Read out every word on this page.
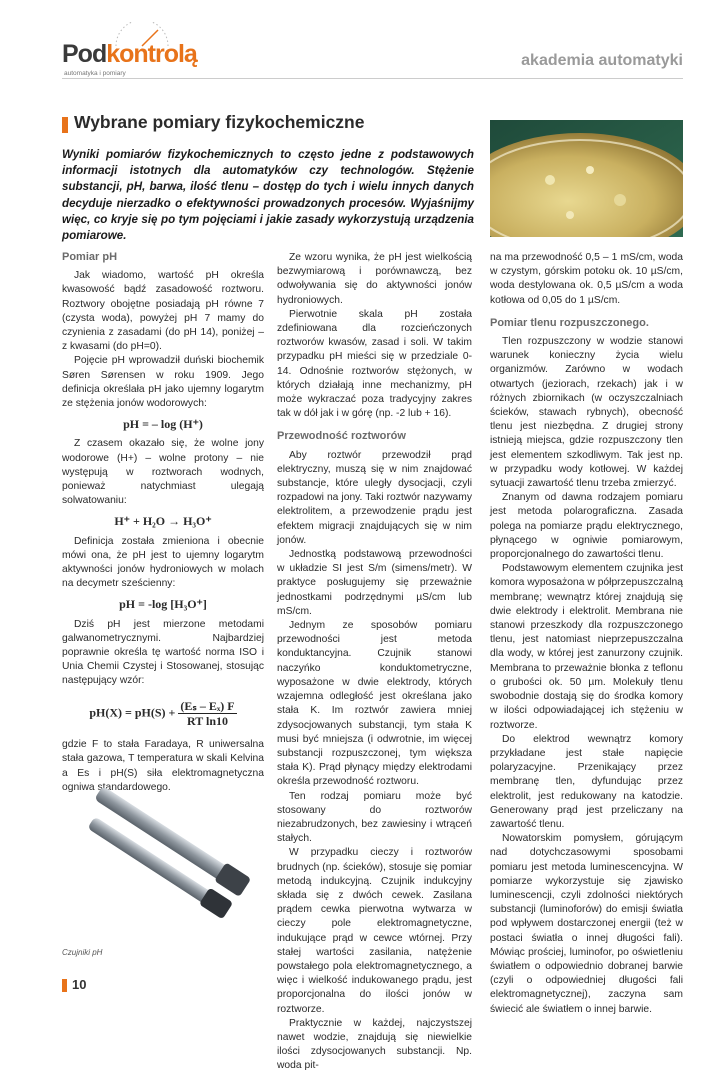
Podkontrolą
automatyka i pomiary
akademia automatyki
Wybrane pomiary fizykochemiczne
Wyniki pomiarów fizykochemicznych to często jedne z podstawowych informacji istotnych dla automatyków czy technologów. Stężenie substancji, pH, barwa, ilość tlenu – dostęp do tych i wielu innych danych decyduje nierzadko o efektywności prowadzonych procesów. Wyjaśnijmy więc, co kryje się po tym pojęciami i jakie zasady wykorzystują urządzenia pomiarowe.
Pomiar pH

Jak wiadomo, wartość pH określa kwasowość bądź zasadowość roztworu. Roztwory obojętne posiadają pH równe 7 (czysta woda), powyżej pH 7 mamy do czynienia z zasadami (do pH 14), poniżej – z kwasami (do pH=0).

Pojęcie pH wprowadził duński biochemik Søren Sørensen w roku 1909. Jego definicja określała pH jako ujemny logarytm ze stężenia jonów wodorowych:

pH = – log (H⁺)

Z czasem okazało się, że wolne jony wodorowe (H+) – wolne protony – nie występują w roztworach wodnych, ponieważ natychmiast ulegają solwatowaniu:

H⁺ + H₂O → H₃O⁺

Definicja została zmieniona i obecnie mówi ona, że pH jest to ujemny logarytm aktywności jonów hydroniowych w molach na decymetr sześcienny:

pH = -log [H₃O⁺]

Dziś pH jest mierzone metodami galwanometrycznymi. Najbardziej poprawnie określa tę wartość norma ISO i Unia Chemii Czystej i Stosowanej, stosując następujący wzór:

$pH(X) = pH(S) + \frac{\text{(Eₛ – Eₓ) F}}{\text{RT ln10}}$

gdzie F to stała Faradaya, R uniwersalna stała gazowa, T temperatura w skali Kelvina a Es i pH(S) siła elektromagnetyczna ogniwa standardowego.

Czujniki pH

Ze wzoru wynika, że pH jest wielkością bezwymiarową i porównawczą, bez odwoływania się do aktywności jonów hydroniowych.

Pierwotnie skala pH została zdefiniowana dla rozcieńczonych roztworów kwasów, zasad i soli. W takim przypadku pH mieści się w przedziale 0-14. Odnośnie roztworów stężonych, w których działają inne mechanizmy, pH może wykraczać poza tradycyjny zakres tak w dół jak i w górę (np. -2 lub + 16).

Przewodność roztworów

Aby roztwór przewodził prąd elektryczny, muszą się w nim znajdować substancje, które uległy dysocjacji, czyli rozpadowi na jony. Taki roztwór nazywamy elektrolitem, a przewodzenie prądu jest efektem migracji znajdujących się w nim jonów.

Jednostką podstawową przewodności w układzie SI jest S/m (simens/metr). W praktyce posługujemy się przeważnie jednostkami podrzędnymi µS/cm lub mS/cm.

Jednym ze sposobów pomiaru przewodności jest metoda konduktancyjna. Czujnik stanowi naczyńko konduktometryczne, wyposażone w dwie elektrody, których wzajemna odległość jest określana jako stała K. Im roztwór zawiera mniej zdysocjowanych substancji, tym stała K musi być mniejsza (i odwrotnie, im więcej substancji rozpuszczonej, tym większa stała K). Prąd płynący między elektrodami określa przewodność roztworu.

Ten rodzaj pomiaru może być stosowany do roztworów niezabrudzonych, bez zawiesiny i wtrąceń stałych.

W przypadku cieczy i roztworów brudnych (np. ścieków), stosuje się pomiar metodą indukcyjną. Czujnik indukcyjny składa się z dwóch cewek. Zasilana prądem cewka pierwotna wytwarza w cieczy pole elektromagnetyczne, indukujące prąd w cewce wtórnej. Przy stałej wartości zasilania, natężenie powstałego pola elektromagnetycznego, a więc i wielkość indukowanego prądu, jest proporcjonalna do ilości jonów w roztworze.

Praktycznie w każdej, najczystszej nawet wodzie, znajdują się niewielkie ilości zdysocjowanych substancji. Np. woda pit-

na ma przewodność 0,5 – 1 mS/cm, woda w czystym, górskim potoku ok. 10 µS/cm, woda destylowana ok. 0,5 µS/cm a woda kotłowa od 0,05 do 1 µS/cm.

Pomiar tlenu rozpuszczonego.

Tlen rozpuszczony w wodzie stanowi warunek konieczny życia wielu organizmów. Zarówno w wodach otwartych (jeziorach, rzekach) jak i w różnych zbiornikach (w oczyszczalniach ścieków, stawach rybnych), obecność tlenu jest niezbędna. Z drugiej strony istnieją miejsca, gdzie rozpuszczony tlen jest elementem szkodliwym. Tak jest np. w przypadku wody kotłowej. W każdej sytuacji zawartość tlenu trzeba zmierzyć.

Znanym od dawna rodzajem pomiaru jest metoda polarograficzna. Zasada polega na pomiarze prądu elektrycznego, płynącego w ogniwie pomiarowym, proporcjonalnego do zawartości tlenu.

Podstawowym elementem czujnika jest komora wyposażona w półprzepuszczalną membranę; wewnątrz której znajdują się dwie elektrody i elektrolit. Membrana nie stanowi przeszkody dla rozpuszczonego tlenu, jest natomiast nieprzepuszczalna dla wody, w której jest zanurzony czujnik. Membrana to przeważnie błonka z teflonu o grubości ok. 50 µm. Molekuły tlenu swobodnie dostają się do środka komory w ilości odpowiadającej ich stężeniu w roztworze.

Do elektrod wewnątrz komory przykładane jest stałe napięcie polaryzacyjne. Przenikający przez membranę tlen, dyfundując przez elektrolit, jest redukowany na katodzie. Generowany prąd jest przeliczany na zawartość tlenu.

Nowatorskim pomysłem, górującym nad dotychczasowymi sposobami pomiaru jest metoda luminescencyjna. W pomiarze wykorzystuje się zjawisko luminescencji, czyli zdolności niektórych substancji (luminoforów) do emisji światła pod wpływem dostarczonej energii (też w postaci światła o innej długości fali). Mówiąc prościej, luminofor, po oświetleniu światłem o odpowiednio dobranej barwie (czyli o odpowiedniej długości fali elektromagnetycznej), zaczyna sam świecić ale światłem o innej barwie.

10
